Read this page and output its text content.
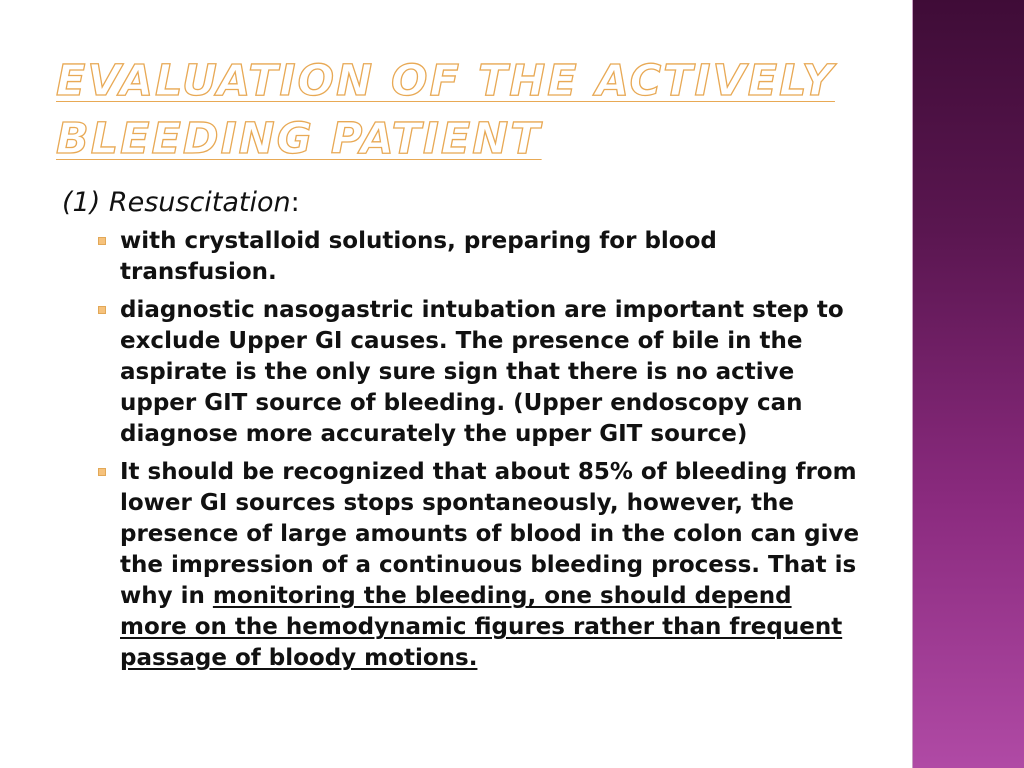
EVALUATION OF THE ACTIVELY BLEEDING PATIENT

(1) Resuscitation:

with crystalloid solutions, preparing for blood transfusion.
diagnostic nasogastric intubation are important step to exclude Upper GI causes. The presence of bile in the aspirate is the only sure sign that there is no active upper GIT source of bleeding. (Upper endoscopy can diagnose more accurately the upper GIT source)
It should be recognized that about 85% of bleeding from lower GI sources stops spontaneously, however, the presence of large amounts of blood in the colon can give the impression of a continuous bleeding process. That is why in monitoring the bleeding, one should depend more on the hemodynamic figures rather than frequent passage of bloody motions.
